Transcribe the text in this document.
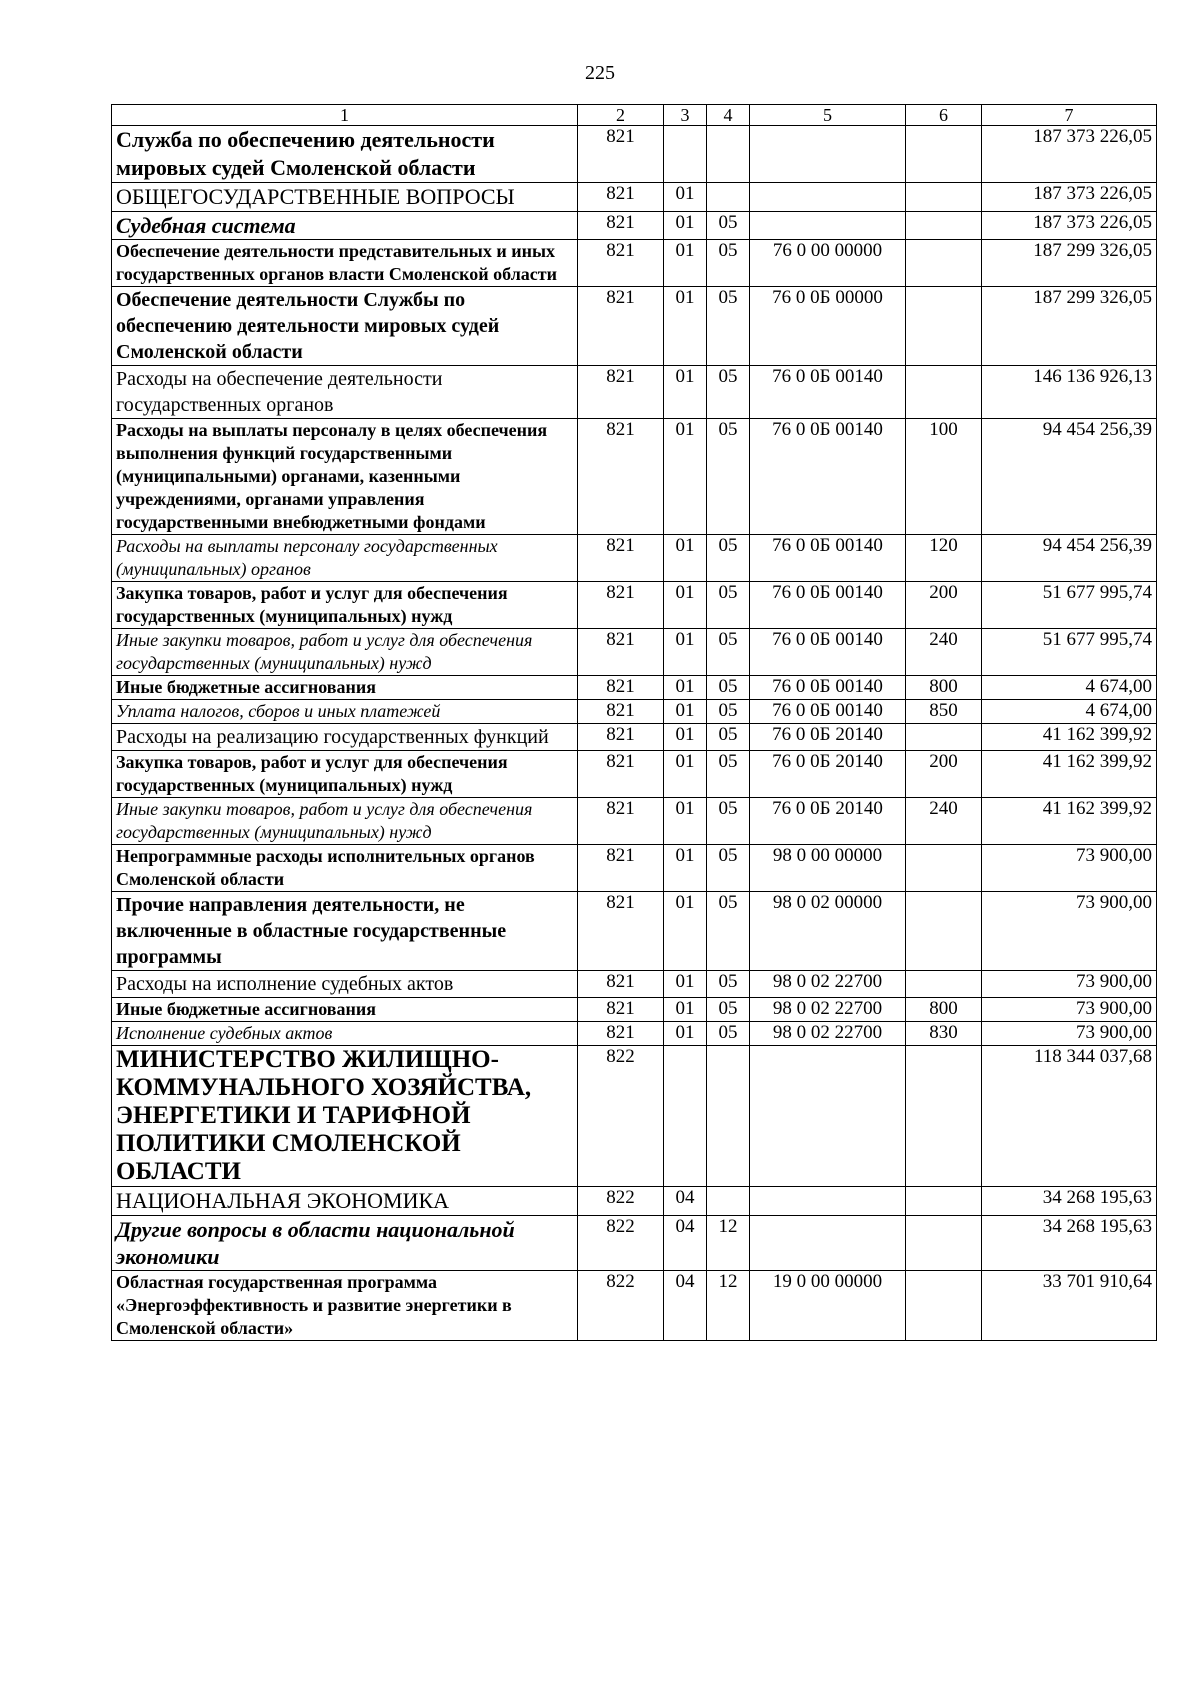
225
1	2	3	4	5	6	7
Служба по обеспечению деятельности мировых судей Смоленской области	821					187 373 226,05
ОБЩЕГОСУДАРСТВЕННЫЕ ВОПРОСЫ	821	01				187 373 226,05
Судебная система	821	01	05			187 373 226,05
Обеспечение деятельности представительных и иных государственных органов власти Смоленской области	821	01	05	76 0 00 00000		187 299 326,05
Обеспечение деятельности Службы по обеспечению деятельности мировых судей Смоленской области	821	01	05	76 0 0Б 00000		187 299 326,05
Расходы на обеспечение деятельности государственных органов	821	01	05	76 0 0Б 00140		146 136 926,13
Расходы на выплаты персоналу в целях обеспечения выполнения функций государственными (муниципальными) органами, казенными учреждениями, органами управления государственными внебюджетными фондами	821	01	05	76 0 0Б 00140	100	94 454 256,39
Расходы на выплаты персоналу государственных (муниципальных) органов	821	01	05	76 0 0Б 00140	120	94 454 256,39
Закупка товаров, работ и услуг для обеспечения государственных (муниципальных) нужд	821	01	05	76 0 0Б 00140	200	51 677 995,74
Иные закупки товаров, работ и услуг для обеспечения государственных (муниципальных) нужд	821	01	05	76 0 0Б 00140	240	51 677 995,74
Иные бюджетные ассигнования	821	01	05	76 0 0Б 00140	800	4 674,00
Уплата налогов, сборов и иных платежей	821	01	05	76 0 0Б 00140	850	4 674,00
Расходы на реализацию государственных функций	821	01	05	76 0 0Б 20140		41 162 399,92
Закупка товаров, работ и услуг для обеспечения государственных (муниципальных) нужд	821	01	05	76 0 0Б 20140	200	41 162 399,92
Иные закупки товаров, работ и услуг для обеспечения государственных (муниципальных) нужд	821	01	05	76 0 0Б 20140	240	41 162 399,92
Непрограммные расходы исполнительных органов Смоленской области	821	01	05	98 0 00 00000		73 900,00
Прочие направления деятельности, не включенные в областные государственные программы	821	01	05	98 0 02 00000		73 900,00
Расходы на исполнение судебных актов	821	01	05	98 0 02 22700		73 900,00
Иные бюджетные ассигнования	821	01	05	98 0 02 22700	800	73 900,00
Исполнение судебных актов	821	01	05	98 0 02 22700	830	73 900,00
МИНИСТЕРСТВО ЖИЛИЩНО-КОММУНАЛЬНОГО ХОЗЯЙСТВА, ЭНЕРГЕТИКИ И ТАРИФНОЙ ПОЛИТИКИ СМОЛЕНСКОЙ ОБЛАСТИ	822					118 344 037,68
НАЦИОНАЛЬНАЯ ЭКОНОМИКА	822	04				34 268 195,63
Другие вопросы в области национальной экономики	822	04	12			34 268 195,63
Областная государственная программа «Энергоэффективность и развитие энергетики в Смоленской области»	822	04	12	19 0 00 00000		33 701 910,64
